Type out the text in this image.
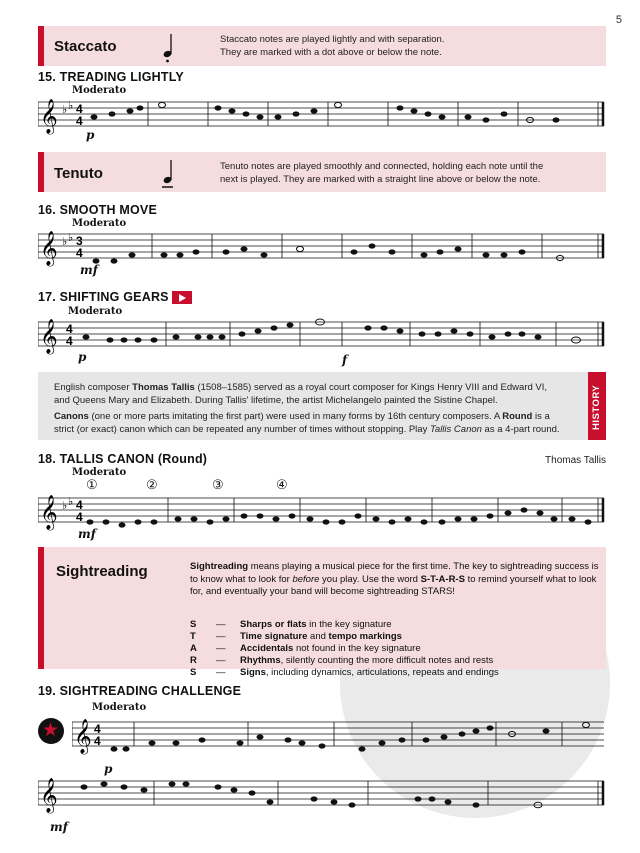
5
Staccato	Staccato notes are played lightly and with separation.
They are marked with a dot above or below the note.
15. TREADING LIGHTLY
Moderato
𝄞 ♭ ♭ 4
4
p
Tenuto	Tenuto notes are played smoothly and connected, holding each note until the
next is played. They are marked with a straight line above or below the note.
16. SMOOTH MOVE
Moderato
𝄞 ♭ ♭ 3
4
mf
17. SHIFTING GEARS
Moderato
𝄞 4
4
p	f

English composer Thomas Tallis (1508–1585) served as a royal court composer for Kings Henry VIII and Edward VI,
and Queens Mary and Elizabeth. During Tallis' lifetime, the artist Michelangelo painted the Sistine Chapel.

Canons (one or more parts imitating the first part) were used in many forms by 16th century composers. A Round is a
strict (or exact) canon which can be repeated any number of times without stopping. Play Tallis Canon as a 4-part round.	HISTORY
18. TALLIS CANON (Round)	Thomas Tallis
Moderato
①	②	③	④
𝄞 ♭ ♭ 4
4
mf
Sightreading	Sightreading means playing a musical piece for the first time. The key to sightreading success is to know what to look for before you play. Use the word S-T-A-R-S to remind yourself what to look for, and eventually your band will become sightreading STARS!
S	—	Sharps or flats in the key signature
T	—	Time signature and tempo markings
A	—	Accidentals not found in the key signature
R	—	Rhythms, silently counting the more difficult notes and rests
S	—	Signs, including dynamics, articulations, repeats and endings
19. SIGHTREADING CHALLENGE
★
Moderato
𝄞 4
4
p
𝄞
mf
